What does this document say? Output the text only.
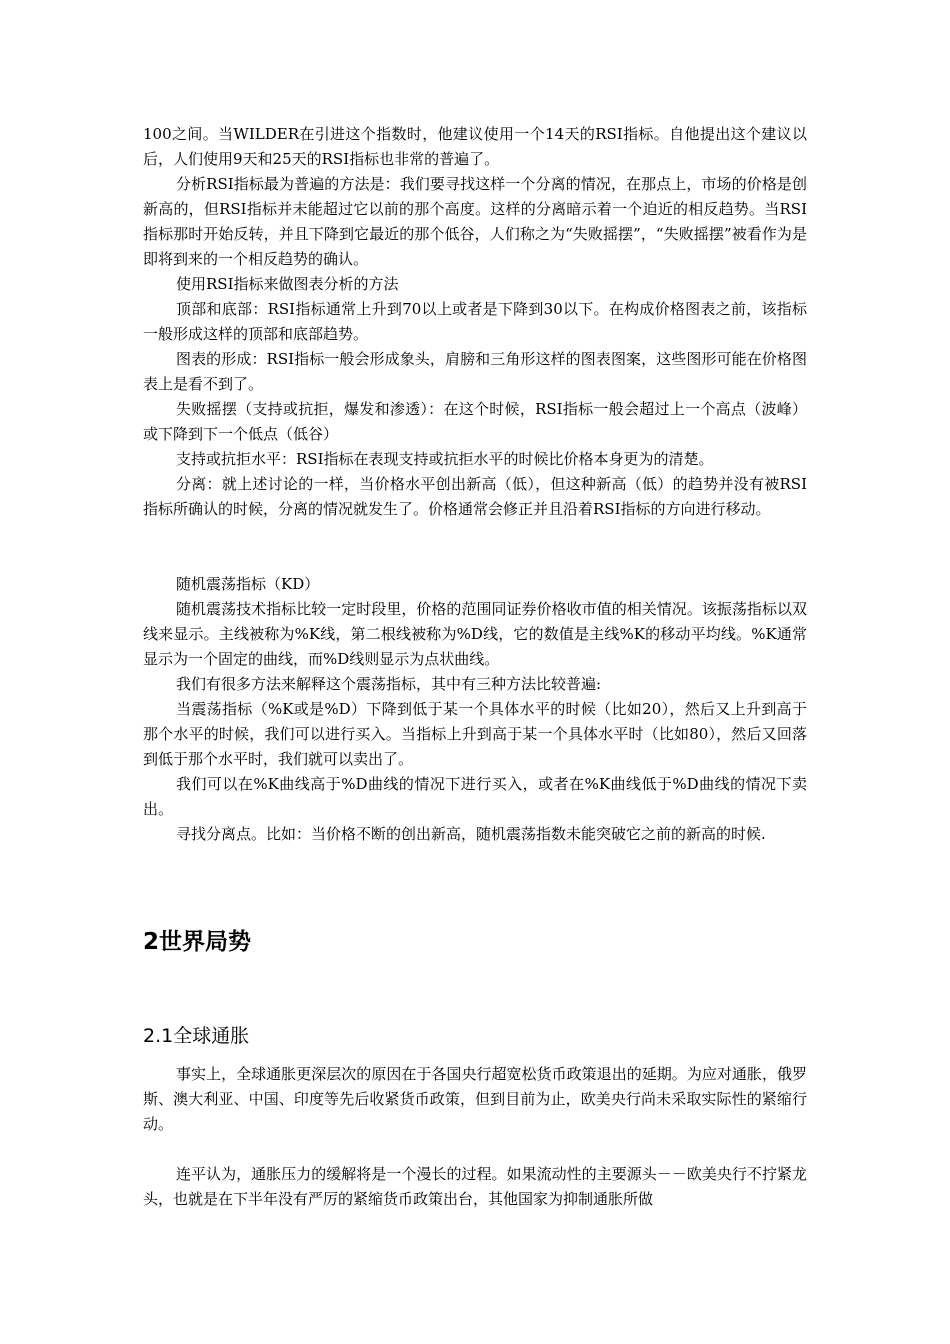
100之间。当WILDER在引进这个指数时，他建议使用一个14天的RSI指标。自他提出这个建议以后，人们使用9天和25天的RSI指标也非常的普遍了。

分析RSI指标最为普遍的方法是：我们要寻找这样一个分离的情况，在那点上，市场的价格是创新高的，但RSI指标并未能超过它以前的那个高度。这样的分离暗示着一个迫近的相反趋势。当RSI指标那时开始反转，并且下降到它最近的那个低谷，人们称之为“失败摇摆”，“失败摇摆”被看作为是即将到来的一个相反趋势的确认。

使用RSI指标来做图表分析的方法

顶部和底部：RSI指标通常上升到70以上或者是下降到30以下。在构成价格图表之前，该指标一般形成这样的顶部和底部趋势。

图表的形成：RSI指标一般会形成象头，肩膀和三角形这样的图表图案，这些图形可能在价格图表上是看不到了。

失败摇摆（支持或抗拒，爆发和渗透）：在这个时候，RSI指标一般会超过上一个高点（波峰）或下降到下一个低点（低谷）

支持或抗拒水平：RSI指标在表现支持或抗拒水平的时候比价格本身更为的清楚。

分离：就上述讨论的一样，当价格水平创出新高（低），但这种新高（低）的趋势并没有被RSI指标所确认的时候，分离的情况就发生了。价格通常会修正并且沿着RSI指标的方向进行移动。

随机震荡指标（KD）

随机震荡技术指标比较一定时段里，价格的范围同证券价格收市值的相关情况。该振荡指标以双线来显示。主线被称为%K线，第二根线被称为%D线，它的数值是主线%K的移动平均线。%K通常显示为一个固定的曲线，而%D线则显示为点状曲线。

我们有很多方法来解释这个震荡指标，其中有三种方法比较普遍:

当震荡指标（%K或是%D）下降到低于某一个具体水平的时候（比如20），然后又上升到高于那个水平的时候，我们可以进行买入。当指标上升到高于某一个具体水平时（比如80），然后又回落到低于那个水平时，我们就可以卖出了。

我们可以在%K曲线高于%D曲线的情况下进行买入，或者在%K曲线低于%D曲线的情况下卖出。

寻找分离点。比如：当价格不断的创出新高，随机震荡指数未能突破它之前的新高的时候.

2世界局势
2.1全球通胀

事实上，全球通胀更深层次的原因在于各国央行超宽松货币政策退出的延期。为应对通胀，俄罗斯、澳大利亚、中国、印度等先后收紧货币政策，但到目前为止，欧美央行尚未采取实际性的紧缩行动。

连平认为，通胀压力的缓解将是一个漫长的过程。如果流动性的主要源头－－欧美央行不拧紧龙头，也就是在下半年没有严厉的紧缩货币政策出台，其他国家为抑制通胀所做
